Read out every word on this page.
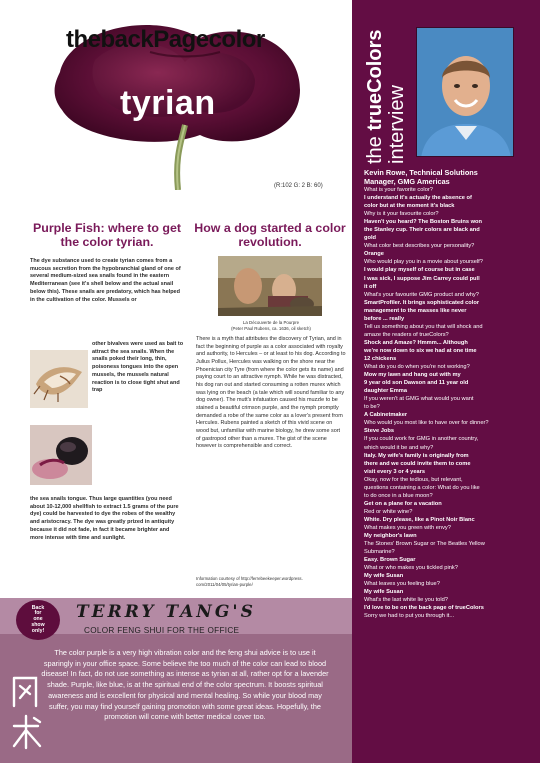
thebackPagecolor
tyrian
(R:102 G: 2 B: 60)
Purple Fish: where to get the color tyrian.
The dye substance used to create tyrian comes from a mucous secretion from the hypobranchial gland of one of several medium-sized sea snails found in the eastern Mediterranean (see it's shell below and the actual snail below this). These snails are predatory, which has helped in the cultivation of the color. Mussels or
other bivalves were used as bait to attract the sea snails. When the snails poked their long, thin, poisoness tongues into the open mussels, the mussels natural reaction is to close tight shut and trap
the sea snails tongue. Thus large quantities (you need about 10-12,000 shellfish to extract 1.5 grams of the pure dye) could be harvested to dye the robes of the wealthy and aristocracy. The dye was greatly prized in antiquity because it did not fade, in fact it became brighter and more intense with time and sunlight.
How a dog started a color revolution.
La Découverte de la Pourpre
(Peter Paul Rubens, ca. 1636, oil sketch)
There is a myth that attributes the discovery of Tyrian, and in fact the beginning of purple as a color associated with royalty and authority, to Hercules – or at least to his dog. According to Julius Pollux, Hercules was walking on the shore near the Phoenician city Tyre (from where the color gets its name) and paying court to an attractive nymph. While he was distracted, his dog ran out and started consuming a rotten murex which was lying on the beach (a tale which will sound familiar to any dog owner). The mutt's infatuation caused his muzzle to be stained a beautiful crimson purple, and the nymph promptly demanded a robe of the same color as a lover's present from Hercules. Rubens painted a sketch of this vivid scene on wood but, unfamiliar with marine biology, he drew some sort of gastropod other than a murex. The gist of the scene however is comprehensible and correct.
Information courtesy of http://ferrebeekeeper.wordpress.
com/2011/04/05/tyrian-purple/
Back
for
one
show
only!
TERRY TANG'S
COLOR FENG SHUI FOR THE OFFICE
The color purple is a very high vibration color and the feng shui advice is to use it sparingly in your office space. Some believe the too much of the color can lead to blood disease! In fact, do not use something as intense as tyrian at all, rather opt for a lavender shade. Purple, like blue, is at the spiritual end of the color spectrum. It boosts spiritual awareness and is excellent for physical and mental healing. So while your blood may suffer, you may find yourself gaining promotion with some great ideas. Hopefully, the promotion will come with better medical cover too.
the trueColors interview
Kevin Rowe, Technical Solutions
Manager, GMG Americas
What is your favorite color?
I understand it's actually the absence of
color but at the moment it's black
Why is it your favourite color?
Haven't you heard? The Boston Bruins won
the Stanley cup. Their colors are black and
gold
What color best describes your personality?
Orange
Who would play you in a movie about yourself?
I would play myself of course but in case
I was sick, I suppose Jim Carrey could pull
it off
What's your favourite GMG product and why?
SmartProfiler. It brings sophisticated color
management to the masses like never
before ... really
Tell us something about you that will shock and
amaze the readers of trueColors?
Shock and Amaze? Hmmm... Although
we're now down to six we had at one time
12 chickens
What do you do when you're not working?
Mow my lawn and hang out with my
9 year old son Dawson and 11 year old
daughter Emma
If you weren't at GMG what would you want
to be?
A Cabinetmaker
Who would you most like to have over for dinner?
Steve Jobs
If you could work for GMG in another country,
which would it be and why?
Italy. My wife's family is originally from
there and we could invite them to come
visit every 3 or 4 years
Okay, now for the tedious, but relevant,
questions containing a color: What do you like
to do once in a blue moon?
Get on a plane for a vacation
Red or white wine?
White. Dry please, like a Pinot Noir Blanc
What makes you green with envy?
My neighbor's lawn
The Stones' Brown Sugar or The Beatles Yellow
Submarine?
Easy. Brown Sugar
What or who makes you tickled pink?
My wife Susan
What leaves you feeling blue?
My wife Susan
What's the last white lie you told?
I'd love to be on the back page of trueColors
Sorry we had to put you through it...
